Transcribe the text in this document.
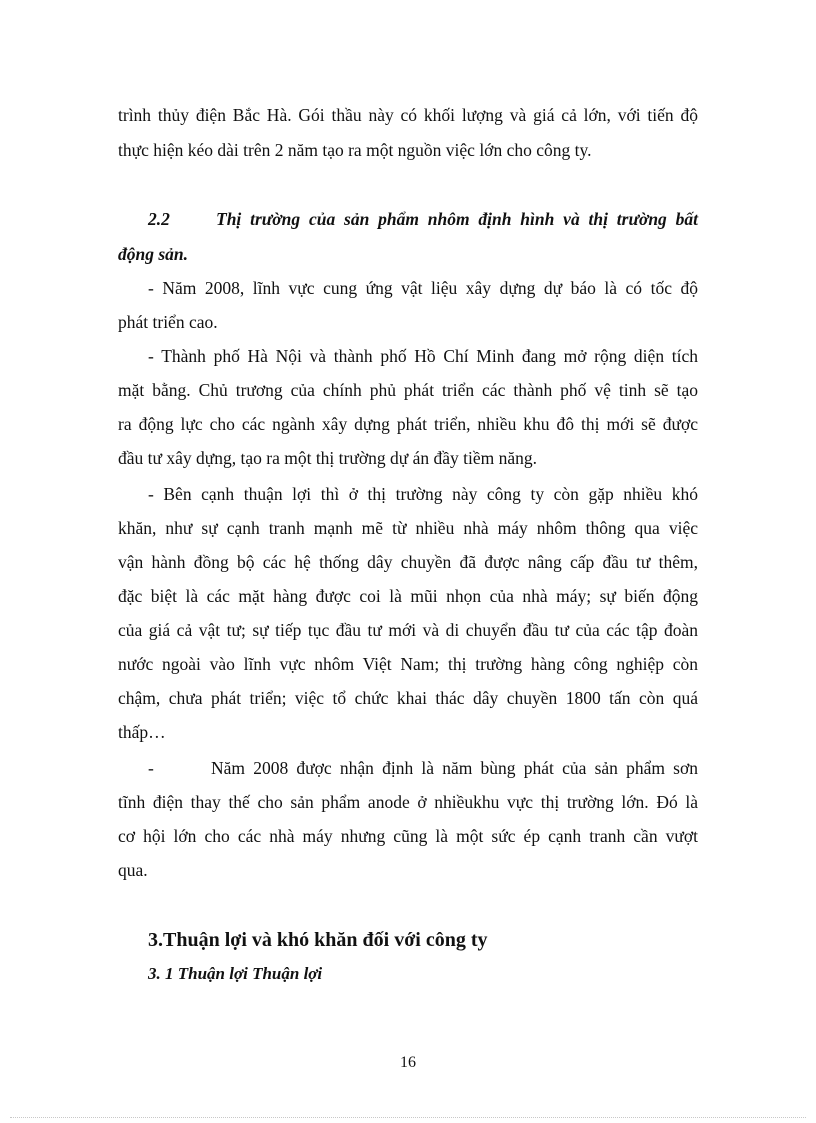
trình thủy điện Bắc Hà. Gói thầu này có khối lượng và giá cả lớn, với tiến độ
thực hiện kéo dài trên 2 năm tạo ra một nguồn việc lớn cho công ty.
2.2	Thị trường của sản phẩm nhôm định hình và thị trường bất
động sản.
- Năm 2008, lĩnh vực cung ứng vật liệu xây dựng dự báo là có tốc độ
phát triển cao.
- Thành phố Hà Nội và thành phố Hồ Chí Minh đang mở rộng diện tích
mặt bằng. Chủ trương của chính phủ phát triển các thành phố vệ tinh sẽ tạo
ra động lực cho các ngành xây dựng phát triển, nhiều khu đô thị mới sẽ được
đầu tư xây dựng, tạo ra một thị trường dự án đầy tiềm năng.
- Bên cạnh thuận lợi thì ở thị trường này công ty còn gặp nhiều khó
khăn, như sự cạnh tranh mạnh mẽ từ nhiều nhà máy nhôm thông qua việc
vận hành đồng bộ các hệ thống dây chuyền đã được nâng cấp đầu tư thêm,
đặc biệt là các mặt hàng được coi là mũi nhọn của nhà máy; sự biến động
của giá cả vật tư; sự tiếp tục đầu tư mới và di chuyển đầu tư của các tập đoàn
nước ngoài vào lĩnh vực nhôm Việt Nam; thị trường hàng công nghiệp còn
chậm, chưa phát triển; việc tổ chức khai thác dây chuyền 1800 tấn còn quá
thấp…
-	Năm 2008 được nhận định là năm bùng phát của sản phẩm sơn
tĩnh điện thay thế cho sản phẩm anode ở nhiềukhu vực thị trường lớn. Đó là
cơ hội lớn cho các nhà máy nhưng cũng là một sức ép cạnh tranh cần vượt
qua.
3.Thuận lợi và khó khăn đối với công ty
3. 1 Thuận lợi Thuận lợi
16
